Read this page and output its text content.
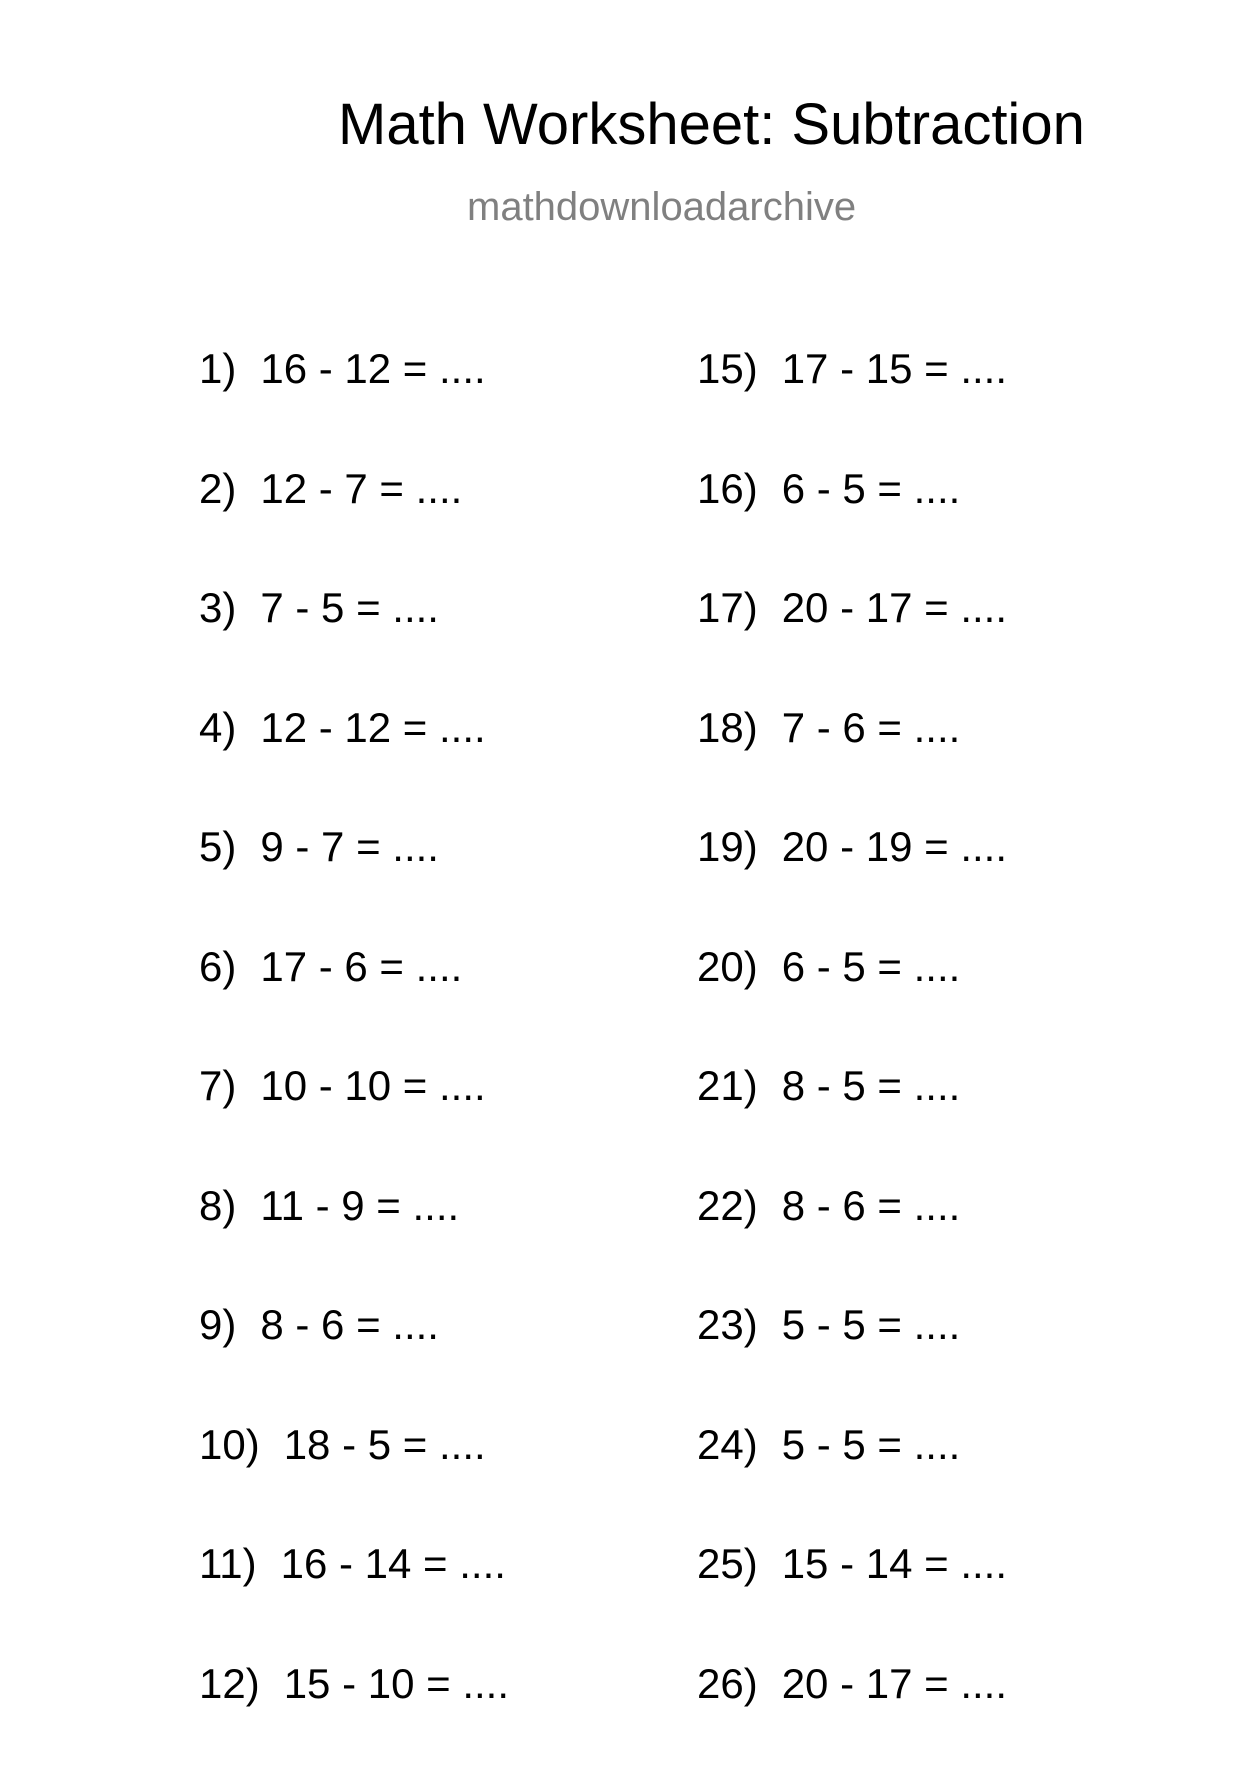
Math Worksheet: Subtraction
mathdownloadarchive
1) 16 - 12 = ....
2) 12 - 7 = ....
3) 7 - 5 = ....
4) 12 - 12 = ....
5) 9 - 7 = ....
6) 17 - 6 = ....
7) 10 - 10 = ....
8) 11 - 9 = ....
9) 8 - 6 = ....
10) 18 - 5 = ....
11) 16 - 14 = ....
12) 15 - 10 = ....
15) 17 - 15 = ....
16) 6 - 5 = ....
17) 20 - 17 = ....
18) 7 - 6 = ....
19) 20 - 19 = ....
20) 6 - 5 = ....
21) 8 - 5 = ....
22) 8 - 6 = ....
23) 5 - 5 = ....
24) 5 - 5 = ....
25) 15 - 14 = ....
26) 20 - 17 = ....
